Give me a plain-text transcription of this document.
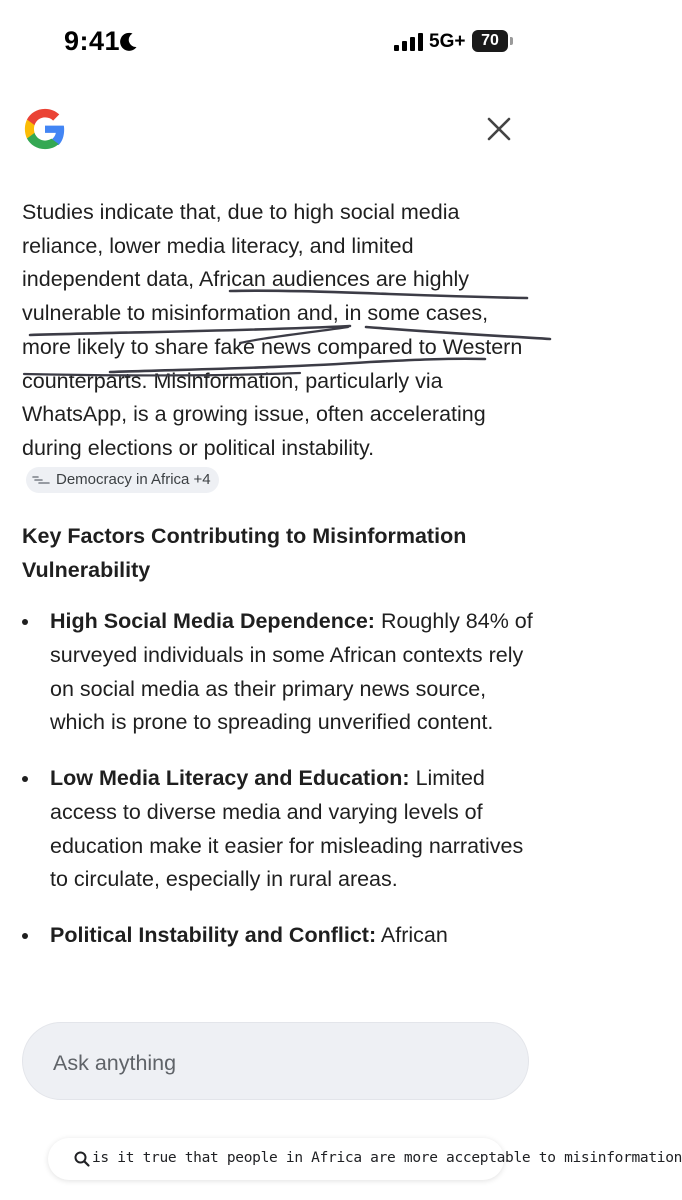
9:41	5G+ 70

Studies indicate that, due to high social media reliance, lower media literacy, and limited independent data, African audiences are highly vulnerable to misinformation and, in some cases, more likely to share fake news compared to Western counterparts. Misinformation, particularly via WhatsApp, is a growing issue, often accelerating during elections or political instability.
Democracy in Africa +4

Key Factors Contributing to Misinformation Vulnerability
High Social Media Dependence: Roughly 84% of surveyed individuals in some African contexts rely on social media as their primary news source, which is prone to spreading unverified content.
Low Media Literacy and Education: Limited access to diverse media and varying levels of education make it easier for misleading narratives to circulate, especially in rural areas.
Political Instability and Conflict: African
Ask anything
is it true that people in Africa are more acceptable to misinformation
